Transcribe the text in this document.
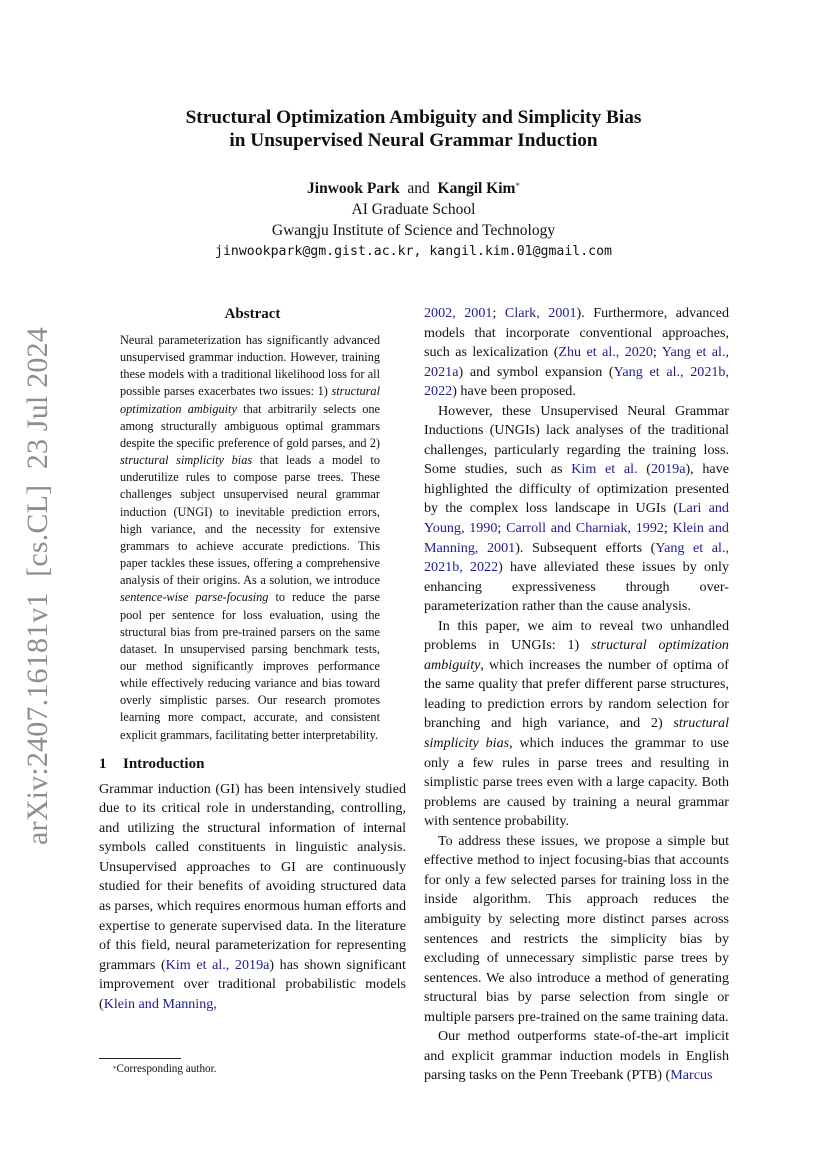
arXiv:2407.16181v1  [cs.CL]  23 Jul 2024
Structural Optimization Ambiguity and Simplicity Bias
in Unsupervised Neural Grammar Induction
Jinwook Park and Kangil Kim*
AI Graduate School
Gwangju Institute of Science and Technology
jinwookpark@gm.gist.ac.kr, kangil.kim.01@gmail.com
Abstract

Neural parameterization has significantly advanced unsupervised grammar induction. However, training these models with a traditional likelihood loss for all possible parses exacerbates two issues: 1) structural optimization ambiguity that arbitrarily selects one among structurally ambiguous optimal grammars despite the specific preference of gold parses, and 2) structural simplicity bias that leads a model to underutilize rules to compose parse trees. These challenges subject unsupervised neural grammar induction (UNGI) to inevitable prediction errors, high variance, and the necessity for extensive grammars to achieve accurate predictions. This paper tackles these issues, offering a comprehensive analysis of their origins. As a solution, we introduce sentence-wise parse-focusing to reduce the parse pool per sentence for loss evaluation, using the structural bias from pre-trained parsers on the same dataset. In unsupervised parsing benchmark tests, our method significantly improves performance while effectively reducing variance and bias toward overly simplistic parses. Our research promotes learning more compact, accurate, and consistent explicit grammars, facilitating better interpretability.

1 Introduction

Grammar induction (GI) has been intensively studied due to its critical role in understanding, controlling, and utilizing the structural information of internal symbols called constituents in linguistic analysis. Unsupervised approaches to GI are continuously studied for their benefits of avoiding structured data as parses, which requires enormous human efforts and expertise to generate supervised data. In the literature of this field, neural parameterization for representing grammars (Kim et al., 2019a) has shown significant improvement over traditional probabilistic models (Klein and Manning,

2002, 2001; Clark, 2001). Furthermore, advanced models that incorporate conventional approaches, such as lexicalization (Zhu et al., 2020; Yang et al., 2021a) and symbol expansion (Yang et al., 2021b, 2022) have been proposed.

However, these Unsupervised Neural Grammar Inductions (UNGIs) lack analyses of the traditional challenges, particularly regarding the training loss. Some studies, such as Kim et al. (2019a), have highlighted the difficulty of optimization presented by the complex loss landscape in UGIs (Lari and Young, 1990; Carroll and Charniak, 1992; Klein and Manning, 2001). Subsequent efforts (Yang et al., 2021b, 2022) have alleviated these issues by only enhancing expressiveness through over-parameterization rather than the cause analysis.

In this paper, we aim to reveal two unhandled problems in UNGIs: 1) structural optimization ambiguity, which increases the number of optima of the same quality that prefer different parse structures, leading to prediction errors by random selection for branching and high variance, and 2) structural simplicity bias, which induces the grammar to use only a few rules in parse trees and resulting in simplistic parse trees even with a large capacity. Both problems are caused by training a neural grammar with sentence probability.

To address these issues, we propose a simple but effective method to inject focusing-bias that accounts for only a few selected parses for training loss in the inside algorithm. This approach reduces the ambiguity by selecting more distinct parses across sentences and restricts the simplicity bias by excluding of unnecessary simplistic parse trees by sentences. We also introduce a method of generating structural bias by parse selection from single or multiple parsers pre-trained on the same training data.

Our method outperforms state-of-the-art implicit and explicit grammar induction models in English parsing tasks on the Penn Treebank (PTB) (Marcus

*Corresponding author.
